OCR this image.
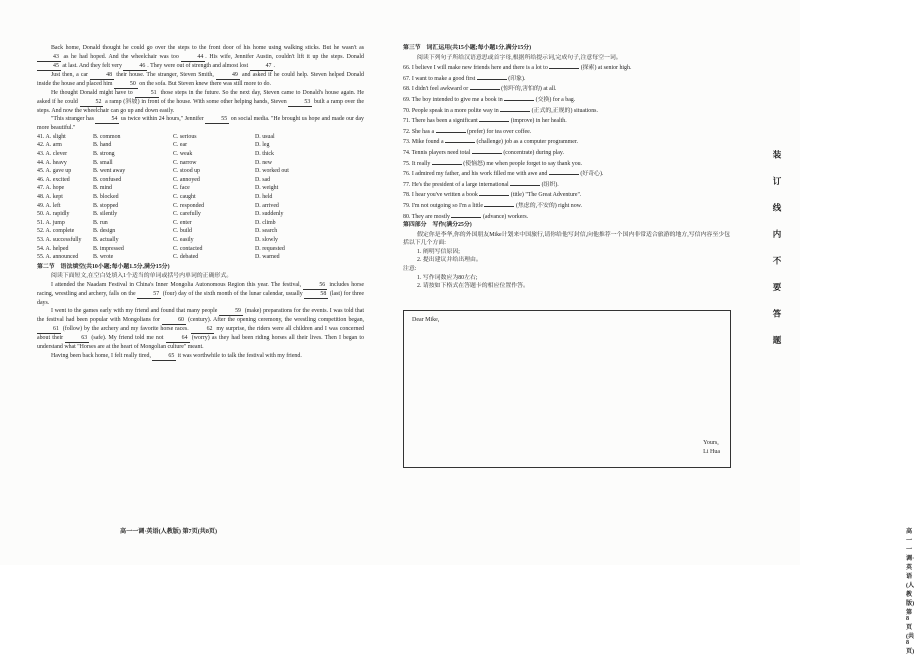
Back home, Donald thought he could go over the steps to the front door of his home using walking sticks. But he wasn't as 43 as he had hoped. And the wheelchair was too	44 . His wife, Jennifer Austin, couldn't lift it up the steps. Donald 45 at last. And they felt very	46 . They were out of strength and almost lost	47 .

Just then, a car	48 their house. The stranger, Steven Smith,	49 and asked if he could help. Steven helped Donald inside the house and placed him	50 on the sofa. But Steven knew there was still more to do.

He thought Donald might have to	51 those steps in the future. So the next day, Steven came to Donald's house again. He asked if he could	52 a ramp (斜坡) in front of the house. With some other helping hands, Steven	53 built a ramp over the steps. And now the wheelchair can go up and down easily.

"This stranger has	54 us twice within 24 hours," Jennifer	55 on social media. "He brought us hope and made our day more beautiful."

41. A. slight	B. common	C. serious	D. usual
42. A. arm	B. hand	C. ear	D. leg
43. A. clever	B. strong	C. weak	D. thick
44. A. heavy	B. small	C. narrow	D. new
45. A. gave up	B. went away	C. stood up	D. worked out
46. A. excited	B. confused	C. annoyed	D. sad
47. A. hope	B. mind	C. face	D. weight
48. A. kept	B. blocked	C. caught	D. held
49. A. left	B. stopped	C. responded	D. arrived
50. A. rapidly	B. silently	C. carefully	D. suddenly
51. A. jump	B. run	C. enter	D. climb
52. A. complete	B. design	C. build	D. search
53. A. successfully	B. actually	C. easily	D. slowly
54. A. helped	B. impressed	C. contacted	D. requested
55. A. announced	B. wrote	C. debated	D. warned

第二节　语法填空(共10小题;每小题1.5分,满分15分)

阅读下面短文,在空白处填入1个适当的单词或括号内单词的正确形式。

I attended the Naadam Festival in China's Inner Mongolia Autonomous Region this year. The festival,	56 includes horse racing, wrestling and archery, falls on the	57 (four) day of the sixth month of the lunar calendar, usually	58 (last) for three days.

I went to the games early with my friend and found that many people	59 (make) preparations for the events. I was told that the festival had been popular with Mongolians for	60 (century). After the opening ceremony, the wrestling competition began, 61 (follow) by the archery and my favorite horse races.	62 my surprise, the riders were all children and I was concerned about their	63 (safe). My friend told me not	64 (worry) as they had been riding horses all their lives. Then I began to understand what "Horses are at the heart of Mongolian culture" meant.

Having been back home, I felt really tired,	65 it was worthwhile to talk the festival with my friend.

高一一调·英语(人教版) 第7页(共8页)

第三节　词汇运用(共15小题;每小题1分,满分15分)

阅读下列句子所给汉语意思或首字母,根据所给提示词,完成句子,注意每空一词。

66. I believe I will make new friends here and there is a lot to	(探索) at senior high.

67. I want to make a good first	(印象).

68. I didn't feel awkward or	(惊吓的,害怕的) at all.

69. The boy intended to give me a book in	(交换) for a bag.

70. People speak in a more polite way in	(正式的,正规的) situations.

71. There has been a significant	(improve) in her health.

72. She has a	(prefer) for tea over coffee.

73. Mike found a	(challenge) job as a computer programmer.

74. Tennis players need total	(concentrate) during play.

75. It really	(使恼怒) me when people forget to say thank you.

76. I admired my father, and his work filled me with awe and	(好奇心).

77. He's the president of a large international	(组织).

78. I hear you've written a book	(title) "The Great Adventure".

79. I'm not outgoing so I'm a little	(焦虑的,不安的) right now.

80. They are mostly	(advance) workers.

第四部分　写作(满分25分)

假定你是李华,你的外国朋友Mike计划来中国旅行,请你给他写封信,向他推荐一个国内非常适合旅游的地方,写信内容至少包括以下几个方面:

1. 阐明写信原因;

2. 提出建议并给出理由。

注意:

1. 写作词数应为80左右;

2. 请按如下格式在答题卡的相应位置作答。

高一一调·英语(人教版) 第8页(共8页)
Dear Mike,
Yours,
Li Hua
装订线内不要答题
